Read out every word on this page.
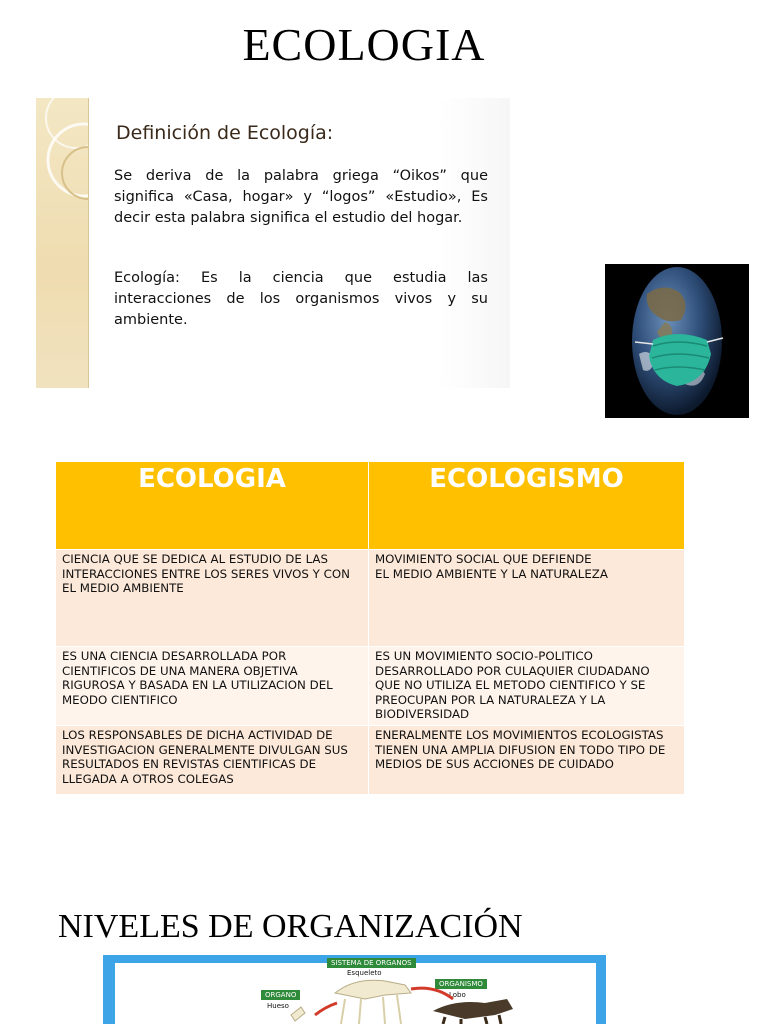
ECOLOGIA
Definición de Ecología:
Se deriva de la palabra griega “Oikos” que significa «Casa, hogar» y “logos” «Estudio», Es decir esta palabra significa el estudio del hogar.
Ecología: Es la ciencia que estudia las interacciones de los organismos vivos y su ambiente.
ECOLOGIA	ECOLOGISMO
CIENCIA QUE SE DEDICA AL ESTUDIO DE LAS INTERACCIONES ENTRE LOS SERES VIVOS Y CON EL MEDIO AMBIENTE	MOVIMIENTO SOCIAL QUE DEFIENDE
EL MEDIO AMBIENTE Y LA NATURALEZA
ES UNA CIENCIA DESARROLLADA POR CIENTIFICOS DE UNA MANERA OBJETIVA RIGUROSA Y BASADA EN LA UTILIZACION DEL MEODO CIENTIFICO	ES UN MOVIMIENTO SOCIO-POLITICO DESARROLLADO POR CULAQUIER CIUDADANO QUE NO UTILIZA EL METODO CIENTIFICO Y SE PREOCUPAN POR LA NATURALEZA Y LA BIODIVERSIDAD
LOS RESPONSABLES DE DICHA ACTIVIDAD DE INVESTIGACION GENERALMENTE DIVULGAN SUS RESULTADOS EN REVISTAS CIENTIFICAS DE LLEGADA A OTROS COLEGAS	ENERALMENTE LOS MOVIMIENTOS ECOLOGISTAS TIENEN UNA AMPLIA DIFUSION EN TODO TIPO DE MEDIOS DE SUS ACCIONES DE CUIDADO
NIVELES DE ORGANIZACIÓN
SISTEMA DE ORGANOS
Esqueleto
ORGANO
Hueso
ORGANISMO
Lobo
